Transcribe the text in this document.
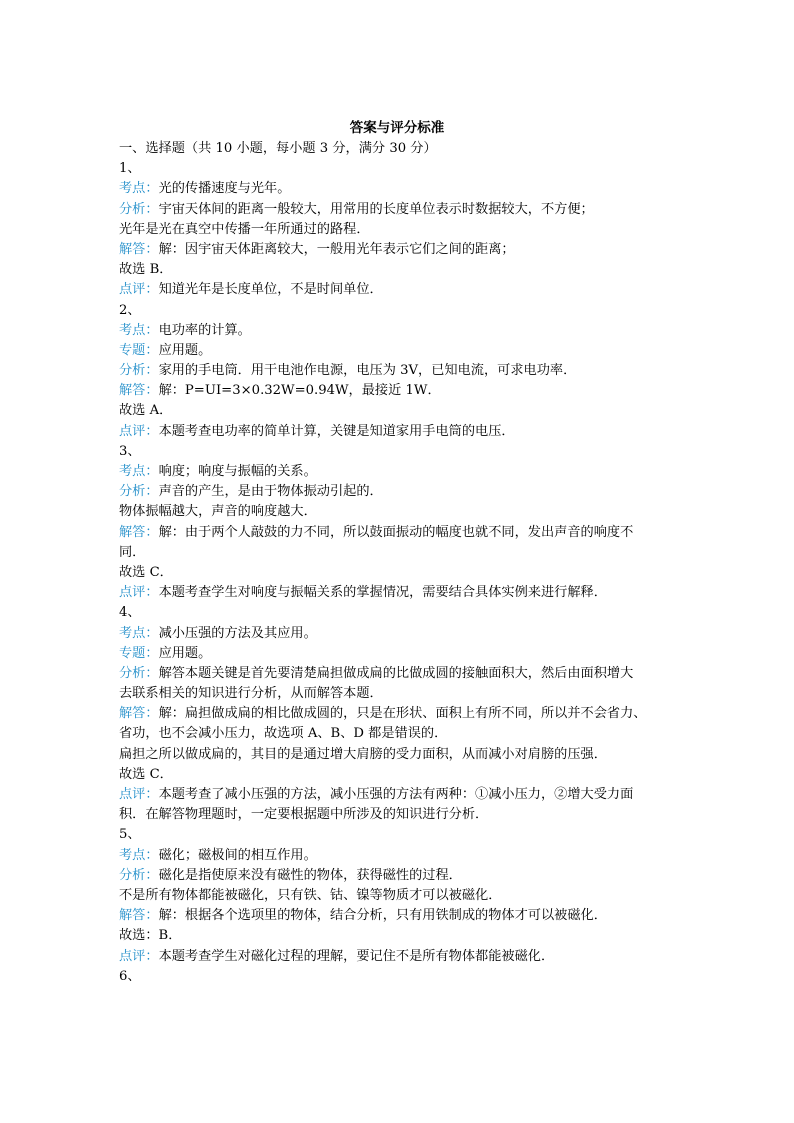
答案与评分标准
一、选择题（共 10 小题，每小题 3 分，满分 30 分）
1、
考点：光的传播速度与光年。
分析：宇宙天体间的距离一般较大，用常用的长度单位表示时数据较大，不方便；
光年是光在真空中传播一年所通过的路程．
解答：解：因宇宙天体距离较大，一般用光年表示它们之间的距离；
故选 B．
点评：知道光年是长度单位，不是时间单位．
2、
考点：电功率的计算。
专题：应用题。
分析：家用的手电筒．用干电池作电源，电压为 3V，已知电流，可求电功率．
解答：解：P=UI=3×0.32W=0.94W，最接近 1W．
故选 A．
点评：本题考查电功率的简单计算，关键是知道家用手电筒的电压．
3、
考点：响度；响度与振幅的关系。
分析：声音的产生，是由于物体振动引起的．
物体振幅越大，声音的响度越大．
解答：解：由于两个人敲鼓的力不同，所以鼓面振动的幅度也就不同，发出声音的响度不
同．
故选 C．
点评：本题考查学生对响度与振幅关系的掌握情况，需要结合具体实例来进行解释．
4、
考点：减小压强的方法及其应用。
专题：应用题。
分析：解答本题关键是首先要清楚扁担做成扁的比做成圆的接触面积大，然后由面积增大
去联系相关的知识进行分析，从而解答本题．
解答：解：扁担做成扁的相比做成圆的，只是在形状、面积上有所不同，所以并不会省力、
省功，也不会减小压力，故选项 A、B、D 都是错误的．
扁担之所以做成扁的，其目的是通过增大肩膀的受力面积，从而减小对肩膀的压强．
故选 C．
点评：本题考查了减小压强的方法，减小压强的方法有两种：①减小压力，②增大受力面
积．在解答物理题时，一定要根据题中所涉及的知识进行分析．
5、
考点：磁化；磁极间的相互作用。
分析：磁化是指使原来没有磁性的物体，获得磁性的过程．
不是所有物体都能被磁化，只有铁、钴、镍等物质才可以被磁化．
解答：解：根据各个选项里的物体，结合分析，只有用铁制成的物体才可以被磁化．
故选：B．
点评：本题考查学生对磁化过程的理解，要记住不是所有物体都能被磁化．
6、
